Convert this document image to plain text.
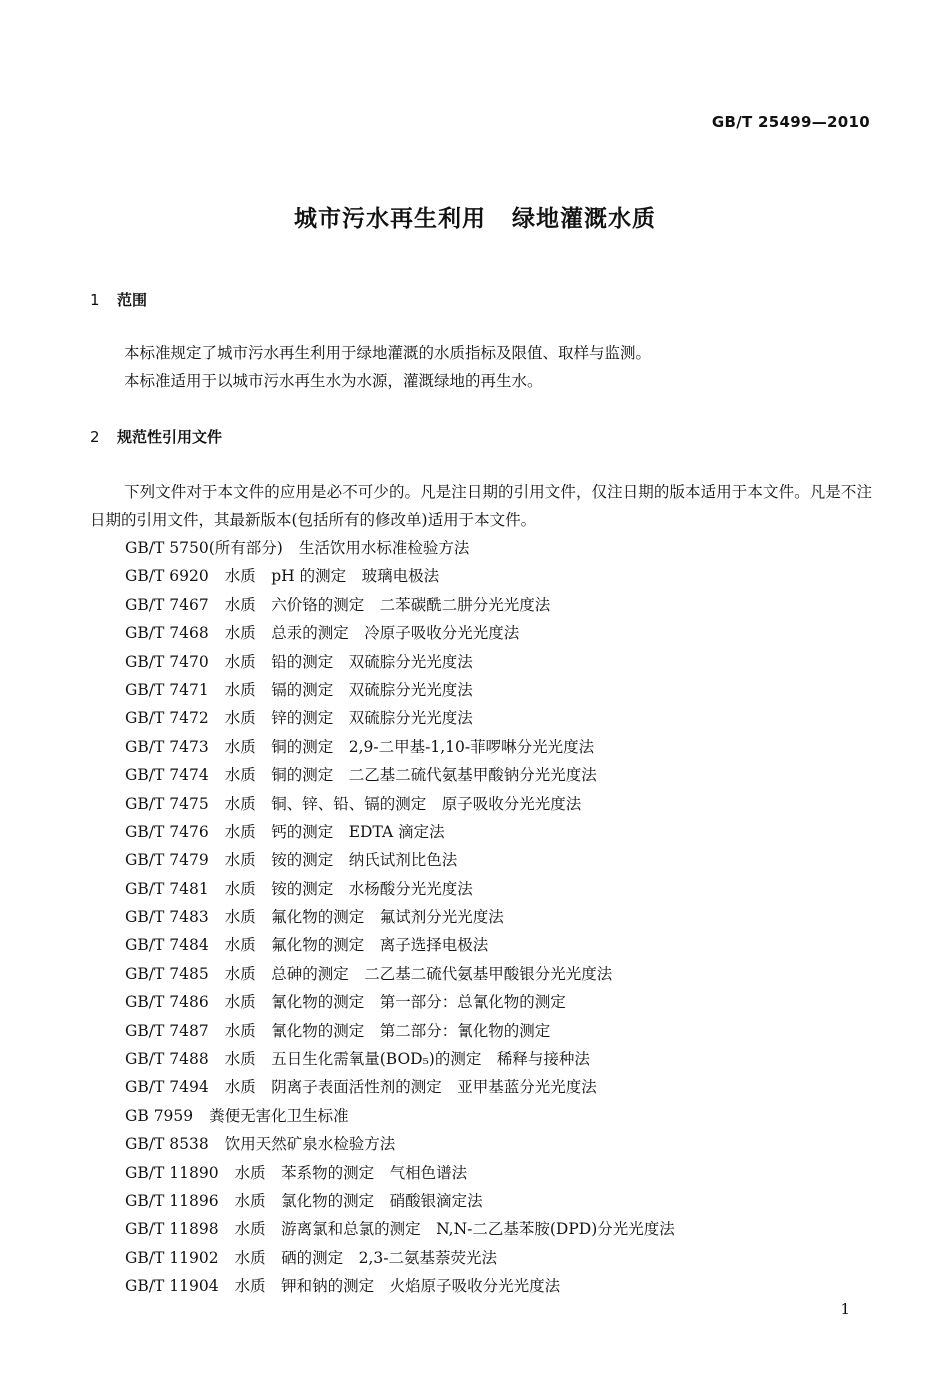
GB/T 25499—2010
城市污水再生利用 绿地灌溉水质
1 范围

本标准规定了城市污水再生利用于绿地灌溉的水质指标及限值、取样与监测。

本标准适用于以城市污水再生水为水源，灌溉绿地的再生水。

2 规范性引用文件

下列文件对于本文件的应用是必不可少的。凡是注日期的引用文件，仅注日期的版本适用于本文件。凡是不注日期的引用文件，其最新版本(包括所有的修改单)适用于本文件。

GB/T 5750(所有部分) 生活饮用水标准检验方法
GB/T 6920 水质　pH 的测定　玻璃电极法
GB/T 7467 水质　六价铬的测定　二苯碳酰二肼分光光度法
GB/T 7468 水质　总汞的测定　冷原子吸收分光光度法
GB/T 7470 水质　铅的测定　双硫腙分光光度法
GB/T 7471 水质　镉的测定　双硫腙分光光度法
GB/T 7472 水质　锌的测定　双硫腙分光光度法
GB/T 7473 水质　铜的测定　2,9-二甲基-1,10-菲啰啉分光光度法
GB/T 7474 水质　铜的测定　二乙基二硫代氨基甲酸钠分光光度法
GB/T 7475 水质　铜、锌、铅、镉的测定　原子吸收分光光度法
GB/T 7476 水质　钙的测定　EDTA 滴定法
GB/T 7479 水质　铵的测定　纳氏试剂比色法
GB/T 7481 水质　铵的测定　水杨酸分光光度法
GB/T 7483 水质　氟化物的测定　氟试剂分光光度法
GB/T 7484 水质　氟化物的测定　离子选择电极法
GB/T 7485 水质　总砷的测定　二乙基二硫代氨基甲酸银分光光度法
GB/T 7486 水质　氰化物的测定　第一部分：总氰化物的测定
GB/T 7487 水质　氰化物的测定　第二部分：氰化物的测定
GB/T 7488 水质　五日生化需氧量(BOD₅)的测定　稀释与接种法
GB/T 7494 水质　阴离子表面活性剂的测定　亚甲基蓝分光光度法
GB 7959 粪便无害化卫生标准
GB/T 8538 饮用天然矿泉水检验方法
GB/T 11890 水质　苯系物的测定　气相色谱法
GB/T 11896 水质　氯化物的测定　硝酸银滴定法
GB/T 11898 水质　游离氯和总氯的测定　N,N-二乙基苯胺(DPD)分光光度法
GB/T 11902 水质　硒的测定　2,3-二氨基萘荧光法
GB/T 11904 水质　钾和钠的测定　火焰原子吸收分光光度法
1
